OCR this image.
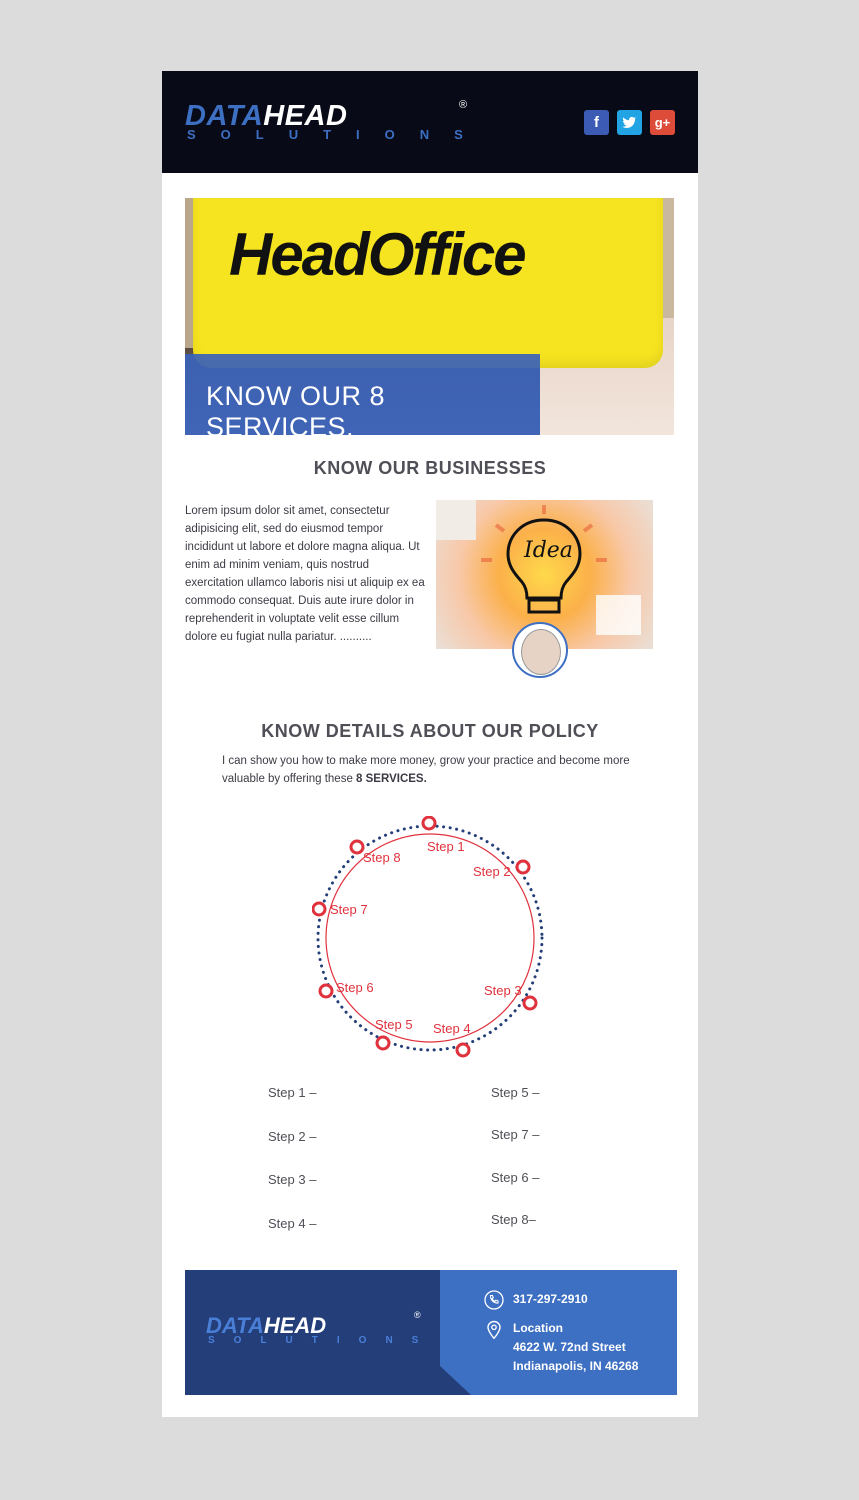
DATAHEAD	®
SOLUTIONS
f	g+
HeadOffice
KNOW OUR 8 SERVICES.
KNOW OUR BUSINESSES
Lorem ipsum dolor sit amet, consectetur adipisicing elit, sed do eiusmod tempor incididunt ut labore et dolore magna aliqua. Ut enim ad minim veniam, quis nostrud exercitation ullamco laboris nisi ut aliquip ex ea commodo consequat. Duis aute irure dolor in reprehenderit in voluptate velit esse cillum dolore eu fugiat nulla pariatur. ..........
Idea
KNOW DETAILS ABOUT OUR POLICY
I can show you how to make more money, grow your practice and become more valuable by offering these 8 SERVICES.
Step 1
Step 2
Step 3
Step 4
Step 5
Step 6
Step 7
Step 8
Step 1 –
Step 2 –
Step 3 –
Step 4 –
Step 5 –
Step 7 –
Step 6 –
Step 8–
DATAHEAD	®
SOLUTIONS
317-297-2910
Location
4622 W. 72nd Street
Indianapolis, IN 46268
